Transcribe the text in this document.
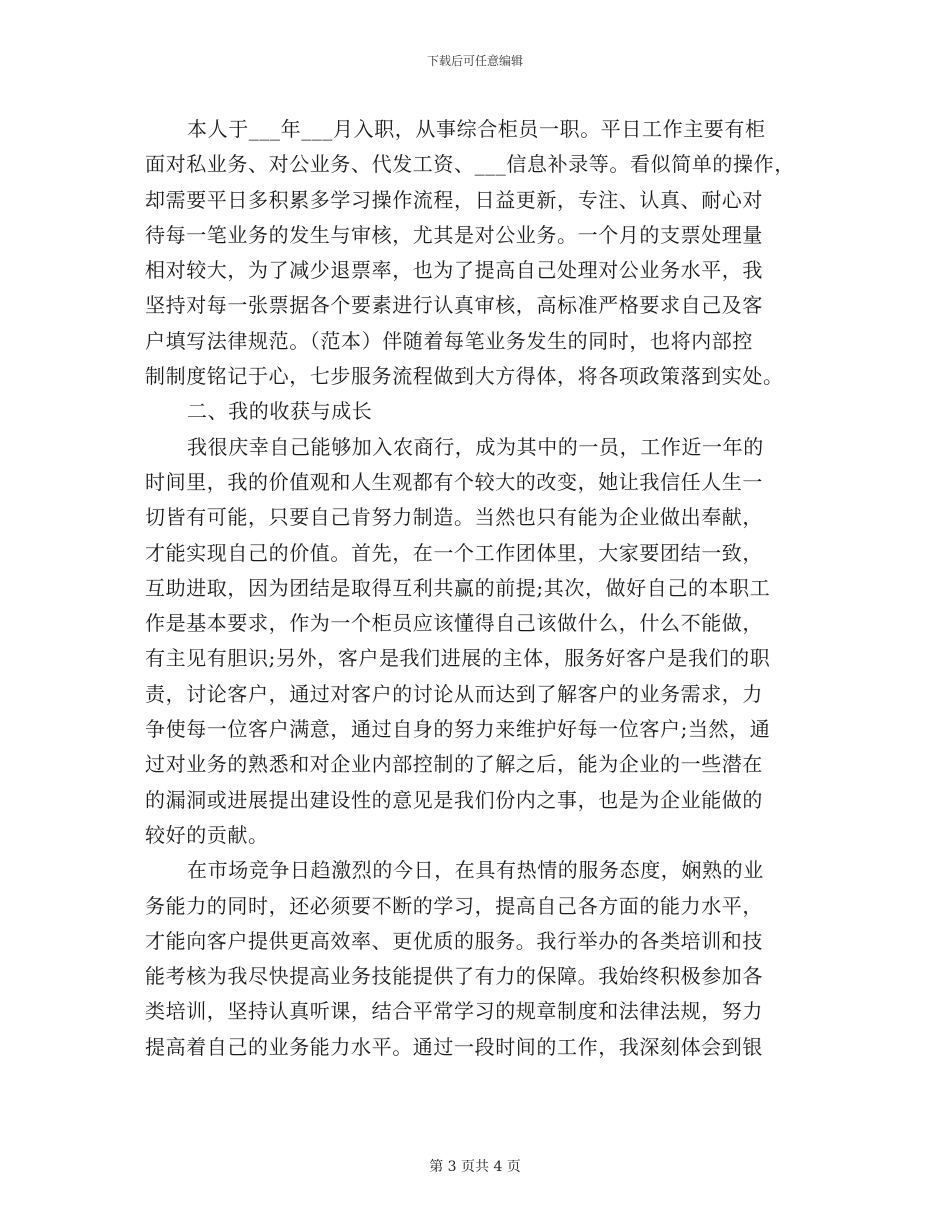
下载后可任意编辑
本人于___年___月入职，从事综合柜员一职。平日工作主要有柜
面对私业务、对公业务、代发工资、___信息补录等。看似简单的操作，
却需要平日多积累多学习操作流程，日益更新，专注、认真、耐心对
待每一笔业务的发生与审核，尤其是对公业务。一个月的支票处理量
相对较大，为了减少退票率，也为了提高自己处理对公业务水平，我
坚持对每一张票据各个要素进行认真审核，高标准严格要求自己及客
户填写法律规范。（范本）伴随着每笔业务发生的同时，也将内部控
制制度铭记于心，七步服务流程做到大方得体，将各项政策落到实处。
二、我的收获与成长
我很庆幸自己能够加入农商行，成为其中的一员，工作近一年的
时间里，我的价值观和人生观都有个较大的改变，她让我信任人生一
切皆有可能，只要自己肯努力制造。当然也只有能为企业做出奉献，
才能实现自己的价值。首先，在一个工作团体里，大家要团结一致，
互助进取，因为团结是取得互利共赢的前提;其次，做好自己的本职工
作是基本要求，作为一个柜员应该懂得自己该做什么，什么不能做，
有主见有胆识;另外，客户是我们进展的主体，服务好客户是我们的职
责，讨论客户，通过对客户的讨论从而达到了解客户的业务需求，力
争使每一位客户满意，通过自身的努力来维护好每一位客户;当然，通
过对业务的熟悉和对企业内部控制的了解之后，能为企业的一些潜在
的漏洞或进展提出建设性的意见是我们份内之事，也是为企业能做的
较好的贡献。
在市场竞争日趋激烈的今日，在具有热情的服务态度，娴熟的业
务能力的同时，还必须要不断的学习，提高自己各方面的能力水平，
才能向客户提供更高效率、更优质的服务。我行举办的各类培训和技
能考核为我尽快提高业务技能提供了有力的保障。我始终积极参加各
类培训，坚持认真听课，结合平常学习的规章制度和法律法规，努力
提高着自己的业务能力水平。通过一段时间的工作，我深刻体会到银
第 3 页共 4 页
